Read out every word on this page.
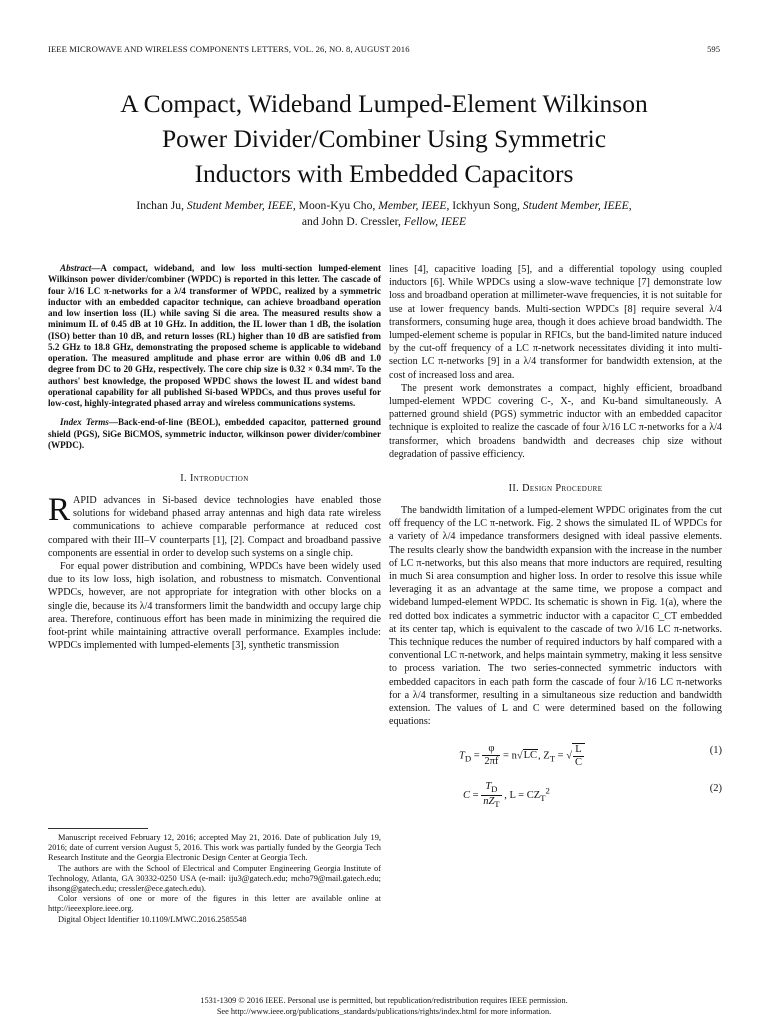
IEEE MICROWAVE AND WIRELESS COMPONENTS LETTERS, VOL. 26, NO. 8, AUGUST 2016	595
A Compact, Wideband Lumped-Element Wilkinson
Power Divider/Combiner Using Symmetric
Inductors with Embedded Capacitors
Inchan Ju, Student Member, IEEE, Moon-Kyu Cho, Member, IEEE, Ickhyun Song, Student Member, IEEE,
and John D. Cressler, Fellow, IEEE

Abstract—A compact, wideband, and low loss multi-section lumped-element Wilkinson power divider/combiner (WPDC) is reported in this letter. The cascade of four λ/16 LC π-networks for a λ/4 transformer of WPDC, realized by a symmetric inductor with an embedded capacitor technique, can achieve broadband operation and low insertion loss (IL) while saving Si die area. The measured results show a minimum IL of 0.45 dB at 10 GHz. In addition, the IL lower than 1 dB, the isolation (ISO) better than 10 dB, and return losses (RL) higher than 10 dB are satisfied from 5.2 GHz to 18.8 GHz, demonstrating the proposed scheme is applicable to wideband operation. The measured amplitude and phase error are within 0.06 dB and 1.0 degree from DC to 20 GHz, respectively. The core chip size is 0.32 × 0.34 mm². To the authors' best knowledge, the proposed WPDC shows the lowest IL and widest band operational capability for all published Si-based WPDCs, and thus proves useful for low-cost, highly-integrated phased array and wireless communications systems.

Index Terms—Back-end-of-line (BEOL), embedded capacitor, patterned ground shield (PGS), SiGe BiCMOS, symmetric inductor, wilkinson power divider/combiner (WPDC).

I. Introduction

RAPID advances in Si-based device technologies have enabled those solutions for wideband phased array antennas and high data rate wireless communications to achieve comparable performance at reduced cost compared with their III–V counterparts [1], [2]. Compact and broadband passive components are essential in order to develop such systems on a single chip.

For equal power distribution and combining, WPDCs have been widely used due to its low loss, high isolation, and robustness to mismatch. Conventional WPDCs, however, are not appropriate for integration with other blocks on a single die, because its λ/4 transformers limit the bandwidth and occupy large chip area. Therefore, continuous effort has been made in minimizing the required die foot-print while maintaining attractive overall performance. Examples include: WPDCs implemented with lumped-elements [3], synthetic transmission

Manuscript received February 12, 2016; accepted May 21, 2016. Date of publication July 19, 2016; date of current version August 5, 2016. This work was partially funded by the Georgia Tech Research Institute and the Georgia Electronic Design Center at Georgia Tech.

The authors are with the School of Electrical and Computer Engineering Georgia Institute of Technology, Atlanta, GA 30332-0250 USA (e-mail: iju3@gatech.edu; mcho79@mail.gatech.edu; ihsong@gatech.edu; cressler@ece.gatech.edu).

Color versions of one or more of the figures in this letter are available online at http://ieeexplore.ieee.org.

Digital Object Identifier 10.1109/LMWC.2016.2585548

lines [4], capacitive loading [5], and a differential topology using coupled inductors [6]. While WPDCs using a slow-wave technique [7] demonstrate low loss and broadband operation at millimeter-wave frequencies, it is not suitable for use at lower frequency bands. Multi-section WPDCs [8] require several λ/4 transformers, consuming huge area, though it does achieve broad bandwidth. The lumped-element scheme is popular in RFICs, but the band-limited nature induced by the cut-off frequency of a LC π-network necessitates dividing it into multi-section LC π-networks [9] in a λ/4 transformer for bandwidth extension, at the cost of increased loss and area.

The present work demonstrates a compact, highly efficient, broadband lumped-element WPDC covering C-, X-, and Ku-band simultaneously. A patterned ground shield (PGS) symmetric inductor with an embedded capacitor technique is exploited to realize the cascade of four λ/16 LC π-networks for a λ/4 transformer, which broadens bandwidth and decreases chip size without degradation of passive efficiency.

II. Design Procedure

The bandwidth limitation of a lumped-element WPDC originates from the cut off frequency of the LC π-network. Fig. 2 shows the simulated IL of WPDCs for a variety of λ/4 impedance transformers designed with ideal passive elements. The results clearly show the bandwidth expansion with the increase in the number of LC π-networks, but this also means that more inductors are required, resulting in much Si area consumption and higher loss. In order to resolve this issue while leveraging it as an advantage at the same time, we propose a compact and wideband lumped-element WPDC. Its schematic is shown in Fig. 1(a), where the red dotted box indicates a symmetric inductor with a capacitor C_CT embedded at its center tap, which is equivalent to the cascade of two λ/16 LC π-networks. This technique reduces the number of required inductors by half compared with a conventional LC π-network, and helps maintain symmetry, making it less sensitve to process variation. The two series-connected symmetric inductors with embedded capacitors in each path form the cascade of four λ/16 LC π-networks for a λ/4 transformer, resulting in a simultaneous size reduction and bandwidth extension. The values of L and C were determined based on the following equations:

$T_D = \frac{\varphi}{2\pi f} = n√LC$, $Z_T$ = √ $\frac{L}{C}$	(1)
$C = \frac{T_D}{nZ_T}$ , $L = CZ_T^2$	(2)
1531-1309 © 2016 IEEE. Personal use is permitted, but republication/redistribution requires IEEE permission.
See http://www.ieee.org/publications_standards/publications/rights/index.html for more information.
